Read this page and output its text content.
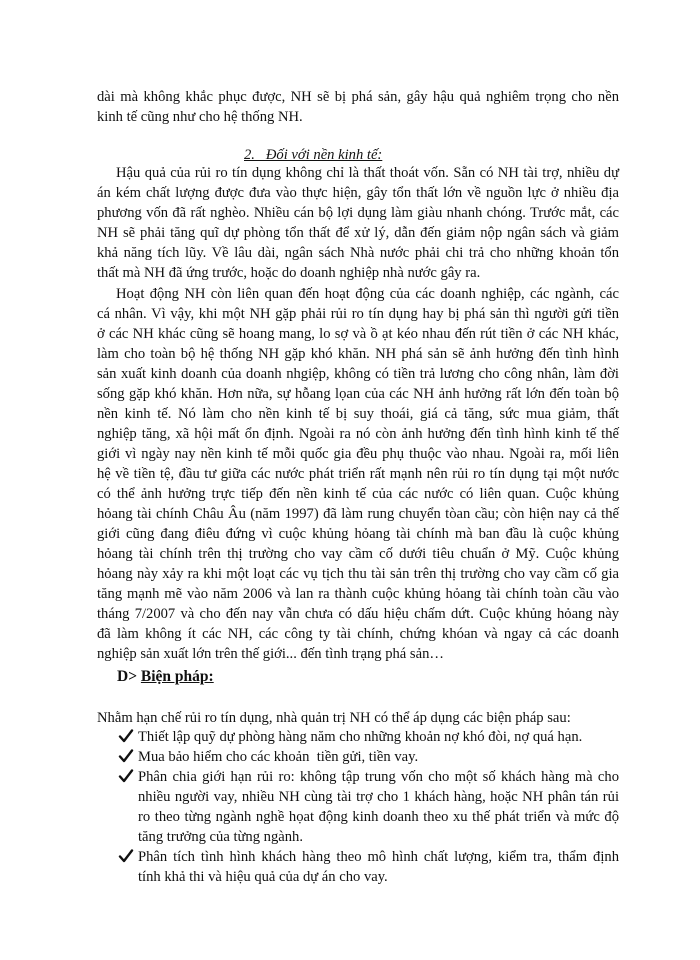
dài mà không khắc phục được, NH sẽ bị phá sản, gây hậu quả nghiêm trọng cho nền
kinh tế cũng như cho hệ thống NH.
2.   Đối với nền kinh tế:
Hậu quả của rủi ro tín dụng không chỉ là thất thoát vốn. Sẵn có NH tài trợ, nhiều dự
án kém chất lượng được đưa vào thực hiện, gây tổn thất lớn về nguồn lực ở nhiều địa
phương vốn đã rất nghèo. Nhiều cán bộ lợi dụng làm giàu nhanh chóng. Trước mắt, các
NH sẽ phải tăng quĩ dự phòng tổn thất để xử lý, dẫn đến giảm nộp ngân sách và giảm
khả năng tích lũy. Về lâu dài, ngân sách Nhà nước phải chi trả cho những khoản tổn
thất mà NH đã ứng trước, hoặc do doanh nghiệp nhà nước gây ra.
Hoạt động NH còn liên quan đến hoạt động của các doanh nghiệp, các ngành, các
cá nhân. Vì vậy, khi một NH gặp phải rủi ro tín dụng hay bị phá sản thì người gửi tiền
ở các NH khác cũng sẽ hoang mang, lo sợ và ồ ạt kéo nhau đến rút tiền ở các NH khác,
làm cho toàn bộ hệ thống NH gặp khó khăn. NH phá sản sẽ ảnh hưởng đến tình hình
sản xuất kinh doanh của doanh nhgiệp, không có tiền trả lương cho công nhân, làm đời
sống gặp khó khăn. Hơn nữa, sự hỗang lọan của các NH ảnh hưởng rất lớn đến toàn bộ
nền kinh tế. Nó làm cho nền kinh tế bị suy thoái, giá cả tăng, sức mua giảm, thất
nghiệp tăng, xã hội mất ổn định. Ngoài ra nó còn ảnh hưởng đến tình hình kinh tế thế
giới vì ngày nay nền kinh tế mỗi quốc gia đều phụ thuộc vào nhau. Ngoài ra, mối liên
hệ về tiền tệ, đầu tư giữa các nước phát triển rất mạnh nên rủi ro tín dụng tại một nước
có thể ảnh hưởng trực tiếp đến nền kinh tế của các nước có liên quan. Cuộc khủng
hỏang tài chính Châu Âu (năm 1997) đã làm rung chuyển tòan cầu; còn hiện nay cả thế
giới cũng đang điêu đứng vì cuộc khủng hỏang tài chính mà ban đầu là cuộc khủng
hỏang tài chính trên thị trường cho vay cầm cố dưới tiêu chuẩn ở Mỹ. Cuộc khủng
hỏang này xảy ra khi một loạt các vụ tịch thu tài sản trên thị trường cho vay cầm cố gia
tăng mạnh mẽ vào năm 2006 và lan ra thành cuộc khủng hỏang tài chính toàn cầu vào
tháng 7/2007 và cho đến nay vẫn chưa có dấu hiệu chấm dứt. Cuộc khủng hỏang này
đã làm không ít các NH, các công ty tài chính, chứng khóan và ngay cả các doanh
nghiệp sản xuất lớn trên thế giới... đến tình trạng phá sản…
D> Biện pháp:
Nhằm hạn chế rủi ro tín dụng, nhà quản trị NH có thể áp dụng các biện pháp sau:
Thiết lập quỹ dự phòng hàng năm cho những khoản nợ khó đòi, nợ quá hạn.
Mua bảo hiểm cho các khoản  tiền gửi, tiền vay.
Phân chia giới hạn rủi ro: không tập trung vốn cho một số khách hàng mà cho
nhiều người vay, nhiều NH cùng tài trợ cho 1 khách hàng, hoặc NH phân tán rủi
ro theo từng ngành nghề họat động kinh doanh theo xu thế phát triển và mức độ
tăng trưởng của từng ngành.
Phân tích tình hình khách hàng theo mô hình chất lượng, kiểm tra, thẩm định
tính khả thi và hiệu quả của dự án cho vay.
